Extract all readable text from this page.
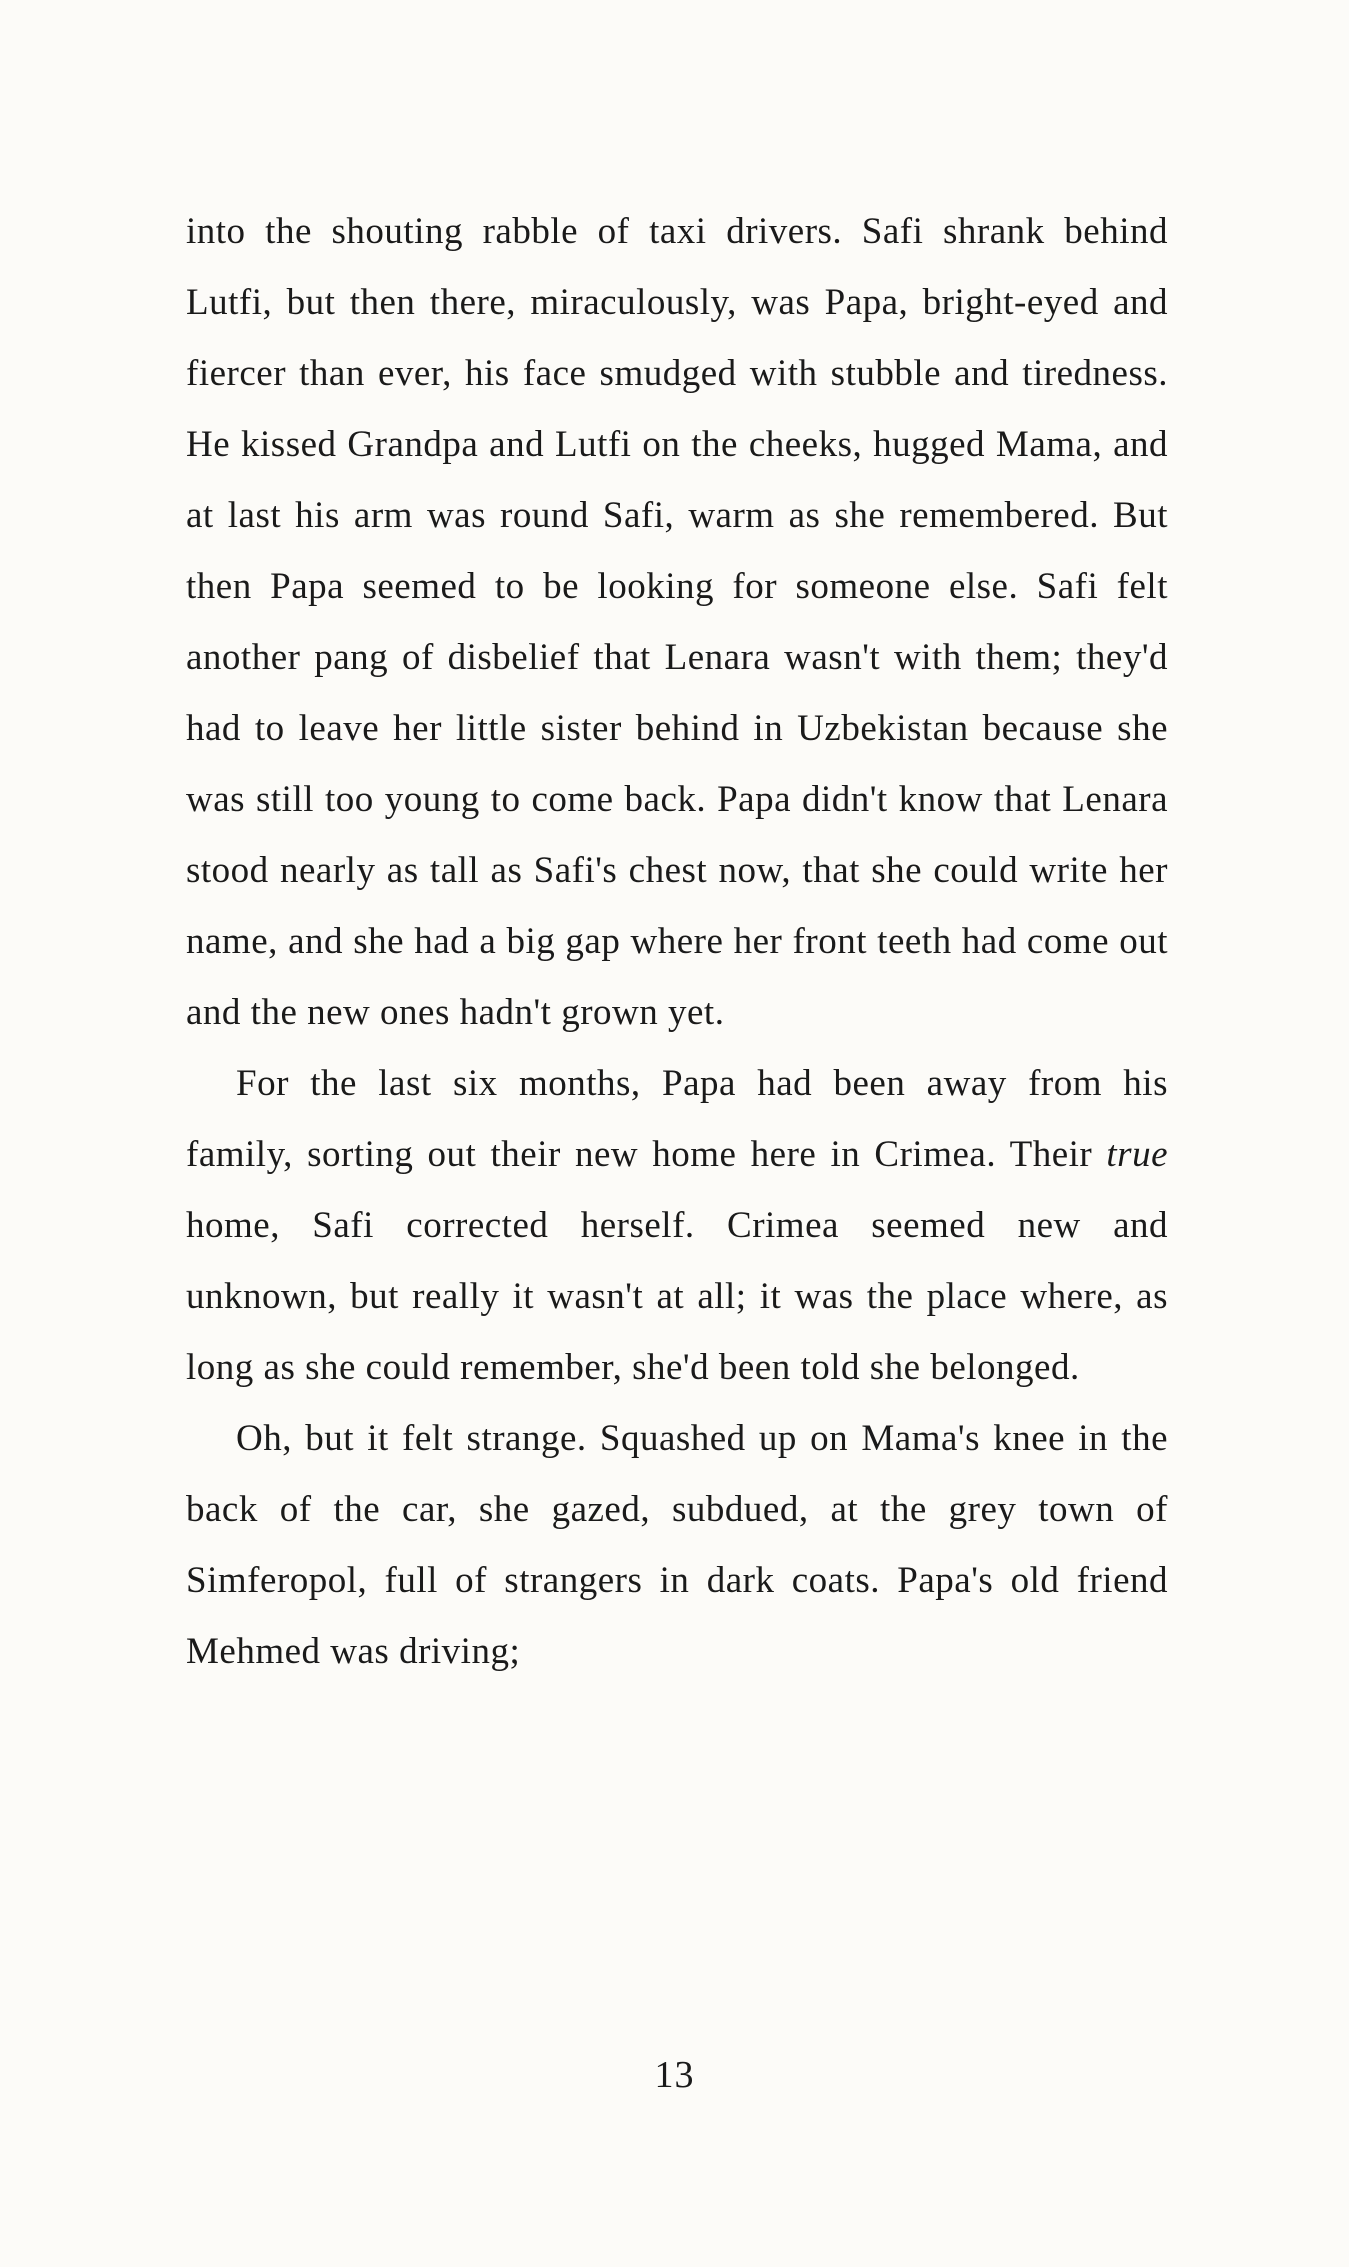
into the shouting rabble of taxi drivers. Safi shrank behind Lutfi, but then there, miraculously, was Papa, bright-eyed and fiercer than ever, his face smudged with stubble and tiredness. He kissed Grandpa and Lutfi on the cheeks, hugged Mama, and at last his arm was round Safi, warm as she remembered. But then Papa seemed to be looking for someone else. Safi felt another pang of disbelief that Lenara wasn't with them; they'd had to leave her little sister behind in Uzbekistan because she was still too young to come back. Papa didn't know that Lenara stood nearly as tall as Safi's chest now, that she could write her name, and she had a big gap where her front teeth had come out and the new ones hadn't grown yet.

For the last six months, Papa had been away from his family, sorting out their new home here in Crimea. Their true home, Safi corrected herself. Crimea seemed new and unknown, but really it wasn't at all; it was the place where, as long as she could remember, she'd been told she belonged.

Oh, but it felt strange. Squashed up on Mama's knee in the back of the car, she gazed, subdued, at the grey town of Simferopol, full of strangers in dark coats. Papa's old friend Mehmed was driving;

13
